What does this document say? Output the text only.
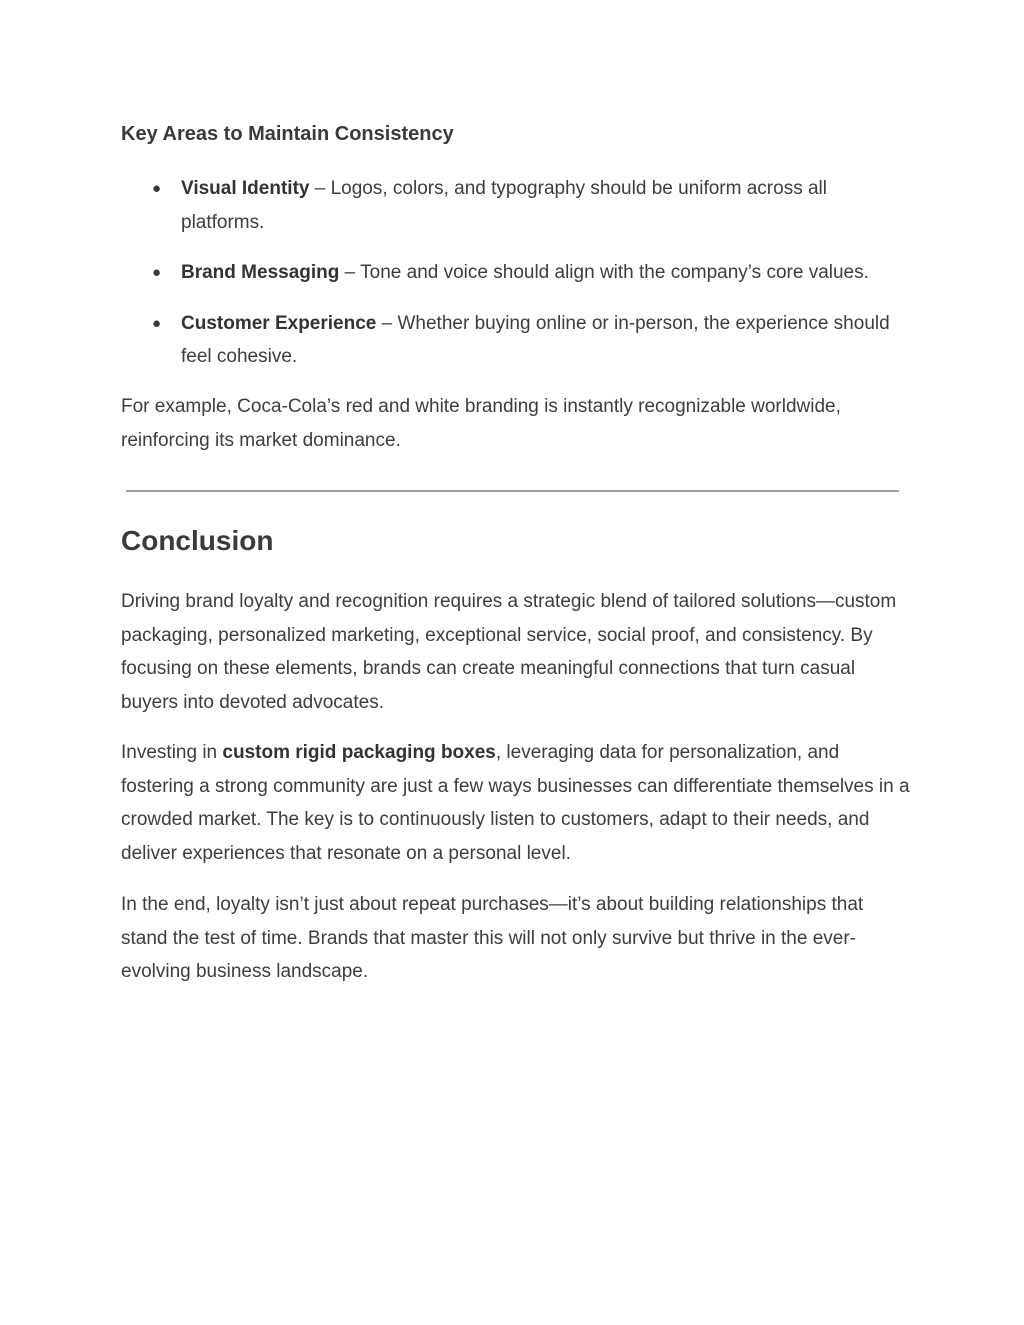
Key Areas to Maintain Consistency
● Visual Identity – Logos, colors, and typography should be uniform across all platforms.
● Brand Messaging – Tone and voice should align with the company’s core values.
● Customer Experience – Whether buying online or in-person, the experience should feel cohesive.

For example, Coca-Cola’s red and white branding is instantly recognizable worldwide, reinforcing its market dominance.

Conclusion

Driving brand loyalty and recognition requires a strategic blend of tailored solutions—custom packaging, personalized marketing, exceptional service, social proof, and consistency. By focusing on these elements, brands can create meaningful connections that turn casual buyers into devoted advocates.

Investing in custom rigid packaging boxes, leveraging data for personalization, and fostering a strong community are just a few ways businesses can differentiate themselves in a crowded market. The key is to continuously listen to customers, adapt to their needs, and deliver experiences that resonate on a personal level.

In the end, loyalty isn’t just about repeat purchases—it’s about building relationships that stand the test of time. Brands that master this will not only survive but thrive in the ever-evolving business landscape.
